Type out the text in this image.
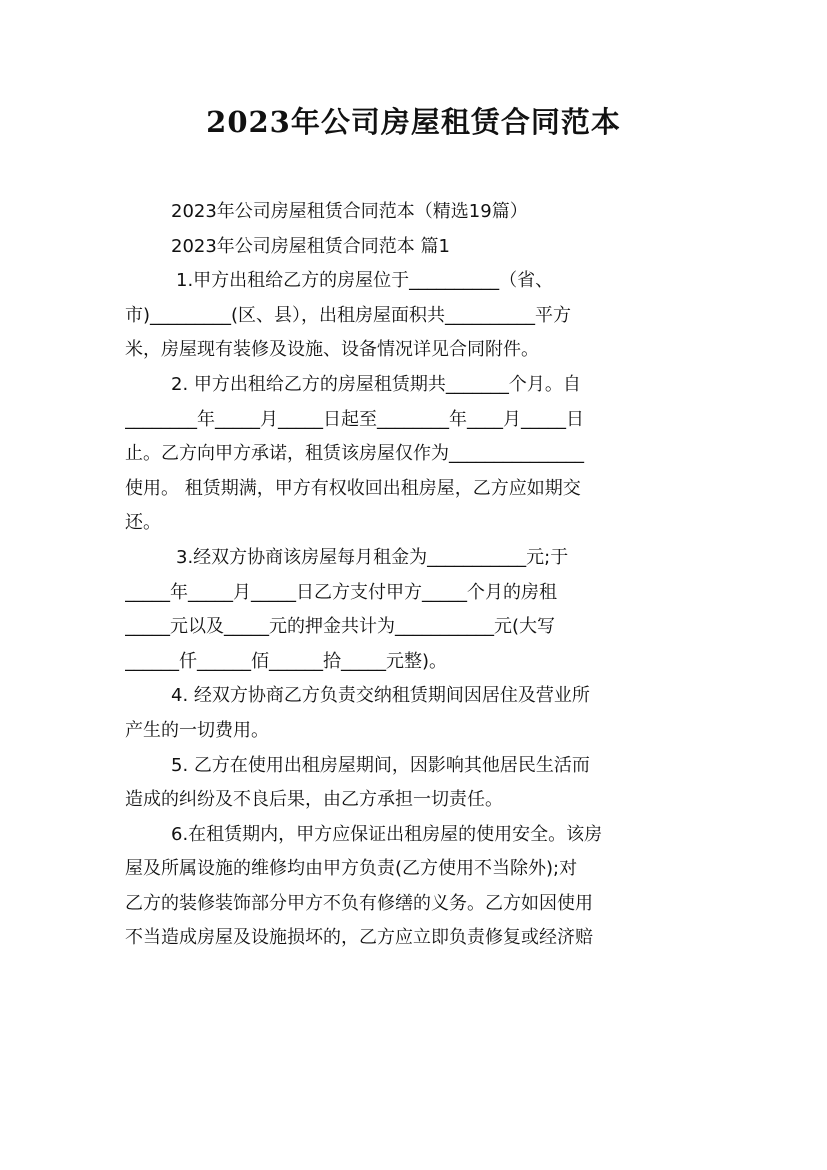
2023年公司房屋租赁合同范本
2023年公司房屋租赁合同范本（精选19篇）
2023年公司房屋租赁合同范本 篇1
1.甲方出租给乙方的房屋位于__________（省、
市)_________(区、县），出租房屋面积共__________平方
米，房屋现有装修及设施、设备情况详见合同附件。
2. 甲方出租给乙方的房屋租赁期共_______个月。自
________年_____月_____日起至________年____月_____日
止。乙方向甲方承诺，租赁该房屋仅作为_______________
使用。 租赁期满，甲方有权收回出租房屋，乙方应如期交
还。
3.经双方协商该房屋每月租金为___________元;于
_____年_____月_____日乙方支付甲方_____个月的房租
_____元以及_____元的押金共计为___________元(大写
______仟______佰______拾_____元整)。
4. 经双方协商乙方负责交纳租赁期间因居住及营业所
产生的一切费用。
5. 乙方在使用出租房屋期间，因影响其他居民生活而
造成的纠纷及不良后果，由乙方承担一切责任。
6.在租赁期内，甲方应保证出租房屋的使用安全。该房
屋及所属设施的维修均由甲方负责(乙方使用不当除外);对
乙方的装修装饰部分甲方不负有修缮的义务。乙方如因使用
不当造成房屋及设施损坏的，乙方应立即负责修复或经济赔
